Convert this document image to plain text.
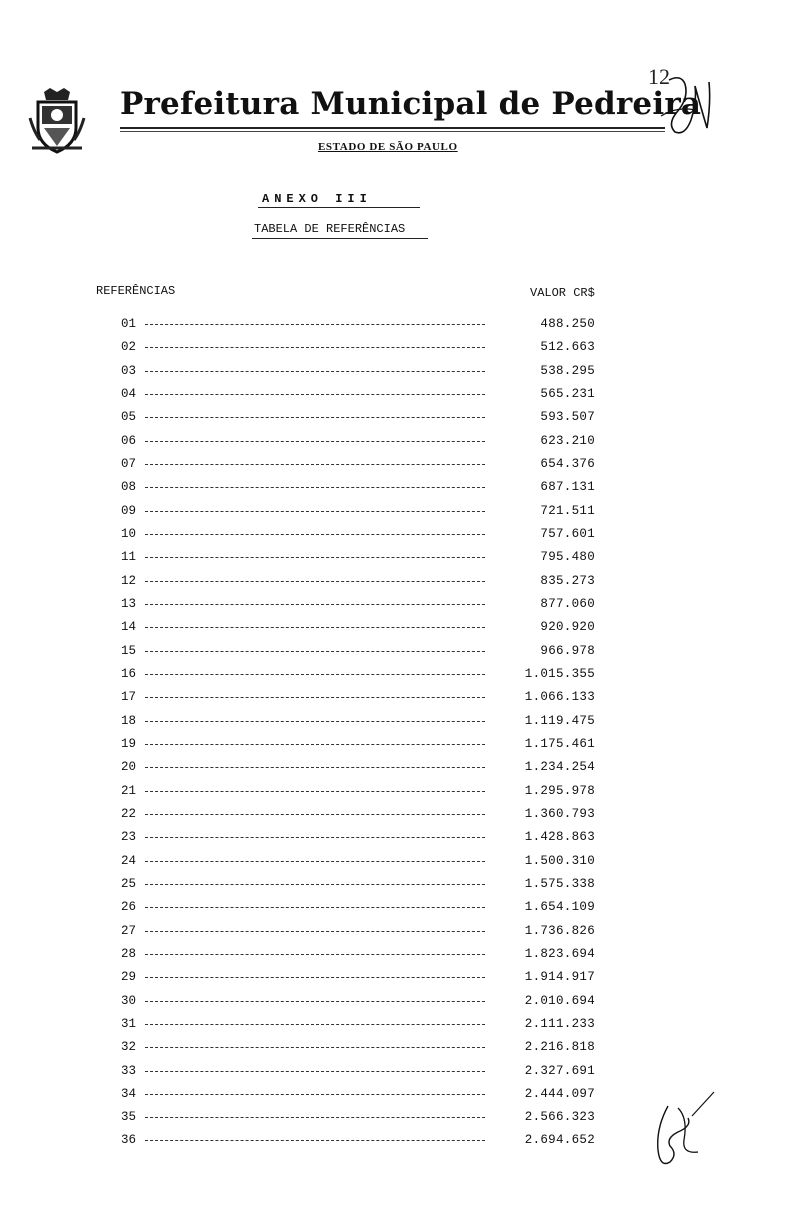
12
Prefeitura Municipal de Pedreira
ESTADO DE SÃO PAULO
ANEXO III
TABELA DE REFERÊNCIAS
REFERÊNCIAS	VALOR CR$
01	488.250
02	512.663
03	538.295
04	565.231
05	593.507
06	623.210
07	654.376
08	687.131
09	721.511
10	757.601
11	795.480
12	835.273
13	877.060
14	920.920
15	966.978
16	1.015.355
17	1.066.133
18	1.119.475
19	1.175.461
20	1.234.254
21	1.295.978
22	1.360.793
23	1.428.863
24	1.500.310
25	1.575.338
26	1.654.109
27	1.736.826
28	1.823.694
29	1.914.917
30	2.010.694
31	2.111.233
32	2.216.818
33	2.327.691
34	2.444.097
35	2.566.323
36	2.694.652
